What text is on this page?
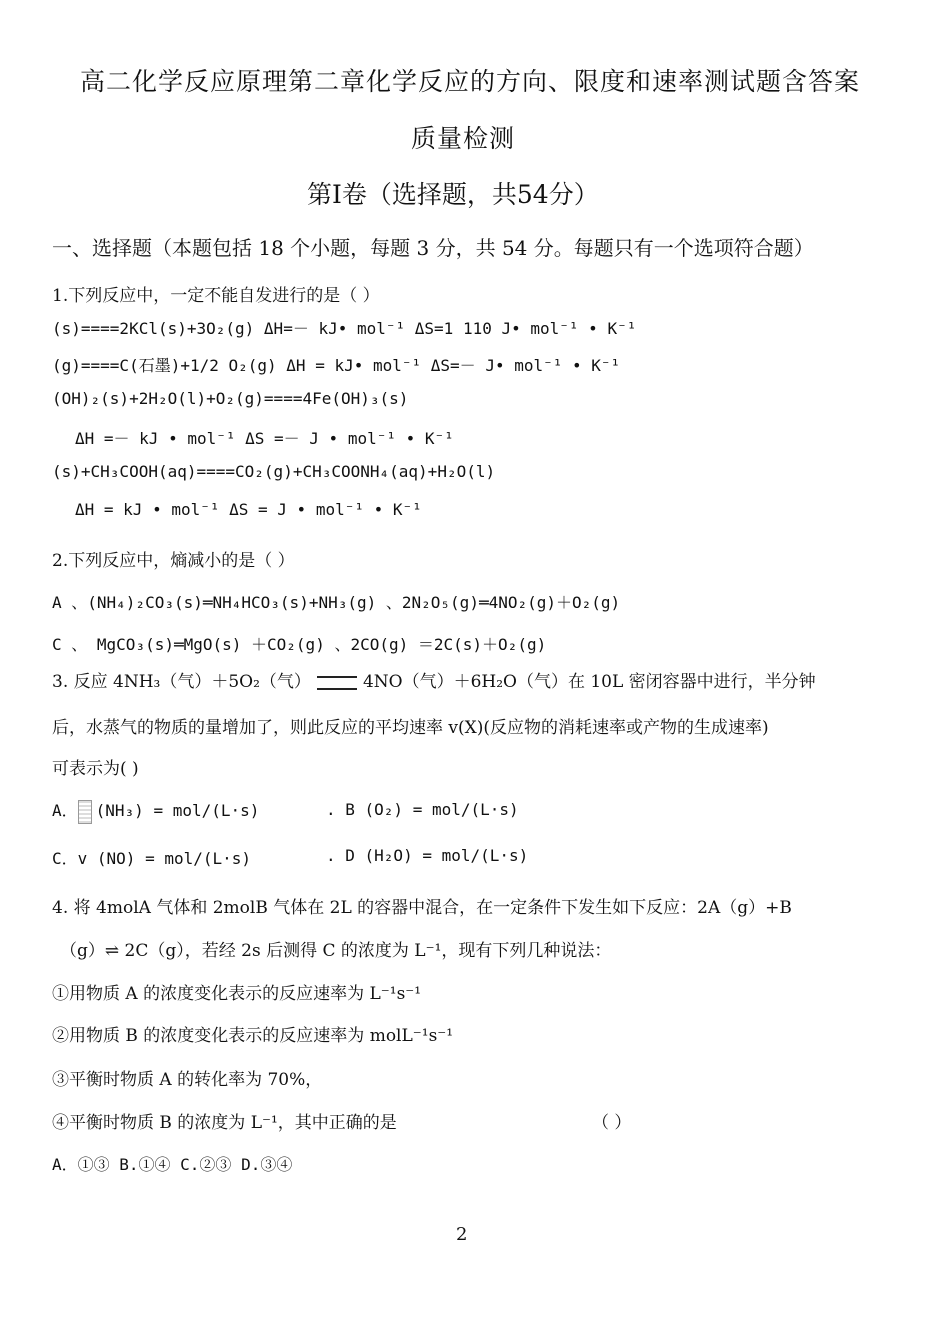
高二化学反应原理第二章化学反应的方向、限度和速率测试题含答案
质量检测
第Ⅰ卷（选择题，共54分）
一、选择题（本题包括 18 个小题，每题 3 分，共 54 分。每题只有一个选项符合题）
1.下列反应中，一定不能自发进行的是（ ）
(s)====2KCl(s)+3O₂(g) ΔH=－ kJ• mol⁻¹ ΔS=1 110 J• mol⁻¹ • K⁻¹
(g)====C(石墨)+1/2 O₂(g) ΔH = kJ• mol⁻¹ ΔS=－ J• mol⁻¹ • K⁻¹
(OH)₂(s)+2H₂O(l)+O₂(g)====4Fe(OH)₃(s)
ΔH =－ kJ • mol⁻¹ ΔS =－ J • mol⁻¹ • K⁻¹
(s)+CH₃COOH(aq)====CO₂(g)+CH₃COONH₄(aq)+H₂O(l)
ΔH = kJ • mol⁻¹ ΔS = J • mol⁻¹ • K⁻¹
2.下列反应中，熵减小的是（ ）
A 、(NH₄)₂CO₃(s)═NH₄HCO₃(s)+NH₃(g) 、2N₂O₅(g)═4NO₂(g)＋O₂(g)
C 、 MgCO₃(s)═MgO(s) ＋CO₂(g) 、2CO(g) ＝2C(s)＋O₂(g)
3. 反应 4NH₃（气）＋5O₂（气）	4NO（气）＋6H₂O（气）在 10L 密闭容器中进行，半分钟
后，水蒸气的物质的量增加了，则此反应的平均速率 v(X)(反应物的消耗速率或产物的生成速率)
可表示为( )
A． (NH₃) = mol/(L·s)	. B (O₂) = mol/(L·s)
C．v (NO) = mol/(L·s)	. D (H₂O) = mol/(L·s)
4. 将 4molA 气体和 2molB 气体在 2L 的容器中混合，在一定条件下发生如下反应：2A（g）+B
（g）⇌ 2C（g），若经 2s 后测得 C 的浓度为 L⁻¹，现有下列几种说法：
①用物质 A 的浓度变化表示的反应速率为 L⁻¹s⁻¹
②用物质 B 的浓度变化表示的反应速率为 molL⁻¹s⁻¹
③平衡时物质 A 的转化率为 70%，
④平衡时物质 B 的浓度为 L⁻¹，其中正确的是	（ ）
A．①③ B.①④ C.②③ D.③④
2
